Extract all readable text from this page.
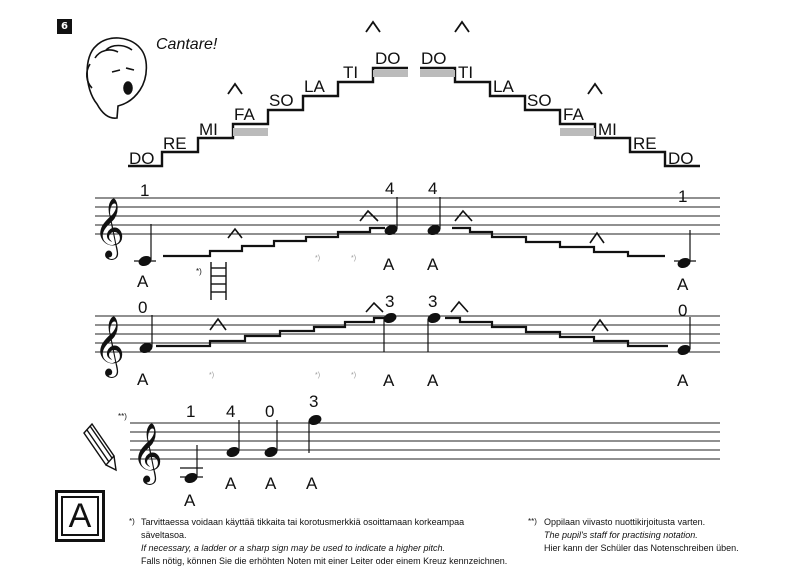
DO
RE
MI
FA
SO
LA
TI
DO DO
TI
LA
SO
FA
MI
RE
DO
𝄞
*)
*)	*)
1	4 4	1
A
A A
A
𝄞
*)	*)	*)
0	3 3	0
A	A A	A
𝄞
**)	1 4 0
3
A
A A A
6
Cantare!
A	*) Tarvittaessa voidaan käyttää tikkaita tai korotusmerkkiä osoittamaan korkeampaa säveltasoa.
If necessary, a ladder or a sharp sign may be used to indicate a higher pitch.
Falls nötig, können Sie die erhöhten Noten mit einer Leiter oder einem Kreuz kennzeichnen.
**) Oppilaan viivasto nuottikirjoitusta varten.
The pupil's staff for practising notation.
Hier kann der Schüler das Notenschreiben üben.
